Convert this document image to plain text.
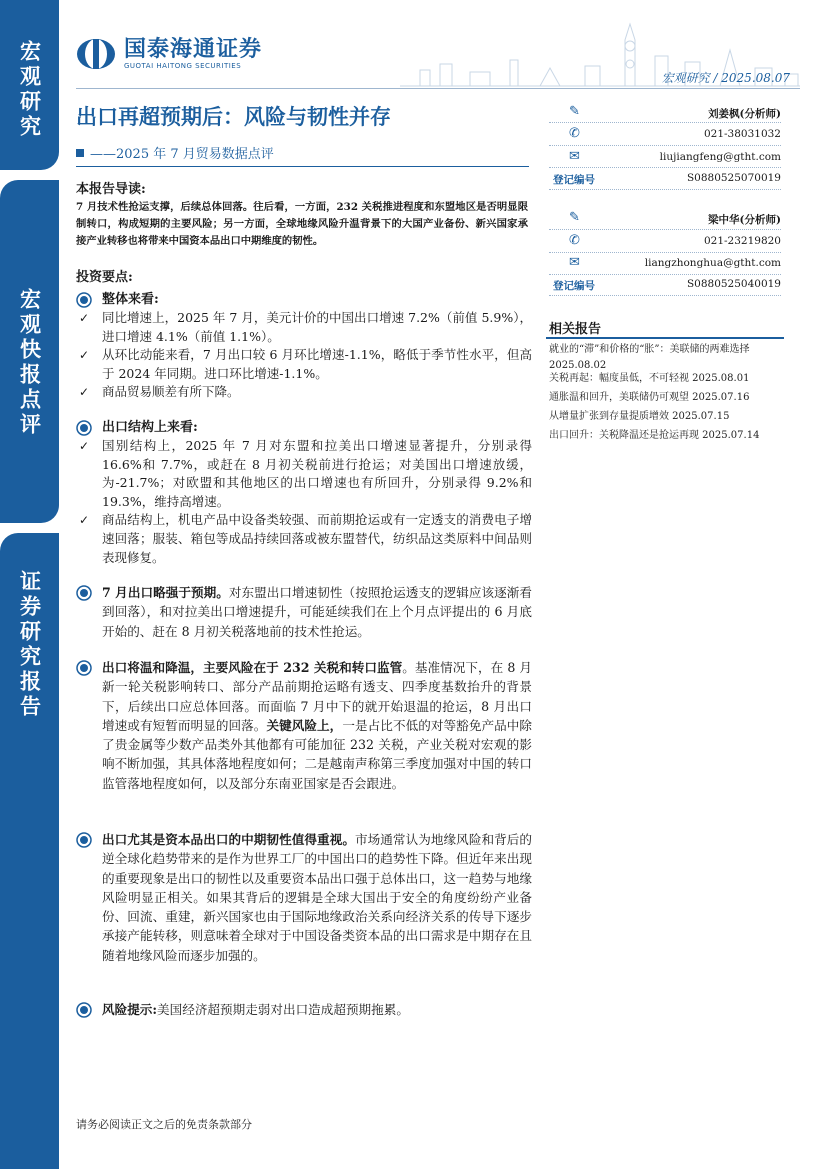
宏观研究
宏观快报点评
证券研究报告
国泰海通证券
GUOTAI HAITONG SECURITIES
宏观研究 / 2025.08.07
出口再超预期后：风险与韧性并存
——2025 年 7 月贸易数据点评
本报告导读:
7 月技术性抢运支撑，后续总体回落。往后看，一方面，232 关税推进程度和东盟地区是否明显限制转口，构成短期的主要风险；另一方面，全球地缘风险升温背景下的大国产业备份、新兴国家承接产业转移也将带来中国资本品出口中期维度的韧性。
投资要点:
整体来看:
✓ 同比增速上，2025 年 7 月，美元计价的中国出口增速 7.2%（前值 5.9%），进口增速 4.1%（前值 1.1%）。
✓ 从环比动能来看，7 月出口较 6 月环比增速-1.1%，略低于季节性水平，但高于 2024 年同期。进口环比增速-1.1%。
✓ 商品贸易顺差有所下降。
出口结构上来看:
✓ 国别结构上，2025 年 7 月对东盟和拉美出口增速显著提升，分别录得 16.6%和 7.7%，或赶在 8 月初关税前进行抢运；对美国出口增速放缓，为-21.7%；对欧盟和其他地区的出口增速也有所回升，分别录得 9.2%和 19.3%，维持高增速。
✓ 商品结构上，机电产品中设备类较强、而前期抢运或有一定透支的消费电子增速回落；服装、箱包等成品持续回落或被东盟替代，纺织品这类原料中间品则表现修复。
7 月出口略强于预期。对东盟出口增速韧性（按照抢运透支的逻辑应该逐渐看到回落），和对拉美出口增速提升，可能延续我们在上个月点评提出的 6 月底开始的、赶在 8 月初关税落地前的技术性抢运。
出口将温和降温，主要风险在于 232 关税和转口监管。基准情况下，在 8 月新一轮关税影响转口、部分产品前期抢运略有透支、四季度基数抬升的背景下，后续出口应总体回落。而面临 7 月中下的就开始退温的抢运，8 月出口增速或有短暂而明显的回落。关键风险上，一是占比不低的对等豁免产品中除了贵金属等少数产品类外其他都有可能加征 232 关税，产业关税对宏观的影响不断加强，其具体落地程度如何；二是越南声称第三季度加强对中国的转口监管落地程度如何，以及部分东南亚国家是否会跟进。
出口尤其是资本品出口的中期韧性值得重视。市场通常认为地缘风险和背后的逆全球化趋势带来的是作为世界工厂的中国出口的趋势性下降。但近年来出现的重要现象是出口的韧性以及重要资本品出口强于总体出口，这一趋势与地缘风险明显正相关。如果其背后的逻辑是全球大国出于安全的角度纷纷产业备份、回流、重建，新兴国家也由于国际地缘政治关系向经济关系的传导下逐步承接产能转移，则意味着全球对于中国设备类资本品的出口需求是中期存在且随着地缘风险而逐步加强的。
风险提示:美国经济超预期走弱对出口造成超预期拖累。
✎	刘姜枫(分析师)
✆	021-38031032
✉	liujiangfeng@gtht.com
登记编号	S0880525070019
✎	梁中华(分析师)
✆	021-23219820
✉	liangzhonghua@gtht.com
登记编号	S0880525040019
相关报告
就业的“滞”和价格的“胀”：美联储的两难选择 2025.08.02
关税再起：幅度虽低，不可轻视 2025.08.01
通胀温和回升，美联储仍可观望 2025.07.16
从增量扩张到存量提质增效 2025.07.15
出口回升：关税降温还是抢运再现 2025.07.14
请务必阅读正文之后的免责条款部分
